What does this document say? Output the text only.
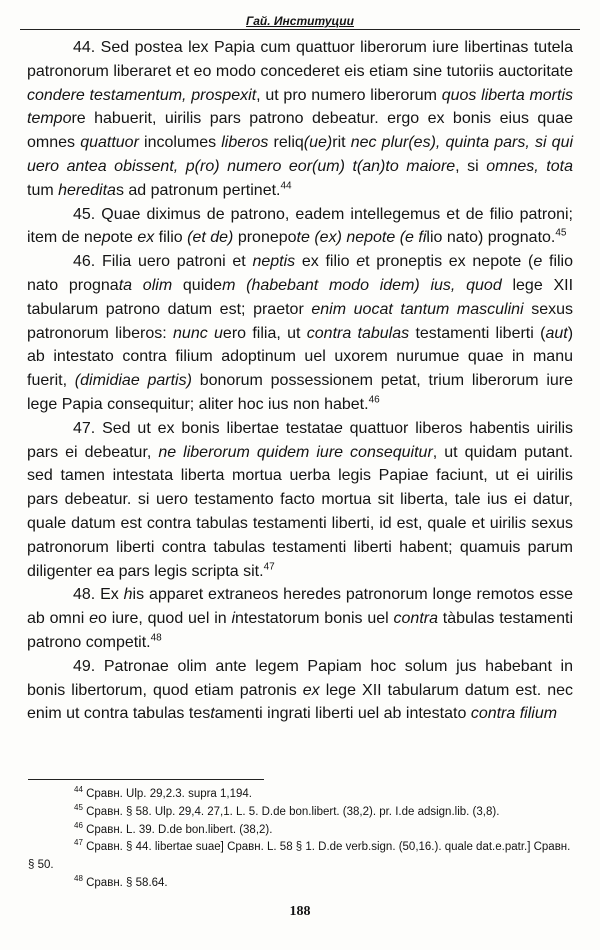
Гай. Институции

44. Sed postea lex Papia cum quattuor liberorum iure libertinas tutela patronorum liberaret et eo modo concederet eis etiam sine tutoriis auctoritate condere testamentum, prospexit, ut pro numero liberorum quos liberta mortis tempore habuerit, uirilis pars patrono debeatur. ergo ex bonis eius quae omnes quattuor incolumes liberos reliq(ue)rit nec plur(es), quinta pars, si qui uero antea obissent, p(ro) numero eor(um) t(an)to maiore, si omnes, tota tum hereditas ad patronum pertinet.$^{44}$

45. Quae diximus de patrono, eadem intellegemus et de filio patroni; item de nepote ex filio (et de) pronepote (ex) nepote (e filio nato) prognato.$^{45}$

46. Filia uero patroni et neptis ex filio et proneptis ex nepote (e filio nato prognata olim quidem (habebant modo idem) ius, quod lege XII tabularum patrono datum est; praetor enim uocat tantum masculini sexus patronorum liberos: nunc uero filia, ut contra tabulas testamenti liberti (aut) ab intestato contra filium adoptinum uel uxorem nurumue quae in manu fuerit, (dimidiae partis) bonorum possessionem petat, trium liberorum iure lege Papia consequitur; aliter hoc ius non habet.$^{46}$

47. Sed ut ex bonis libertae testatae quattuor liberos habentis uirilis pars ei debeatur, ne liberorum quidem iure consequitur, ut quidam putant. sed tamen intestata liberta mortua uerba legis Papiae faciunt, ut ei uirilis pars debeatur. si uero testamento facto mortua sit liberta, tale ius ei datur, quale datum est contra tabulas testamenti liberti, id est, quale et uirilis sexus patronorum liberti contra tabulas testamenti liberti habent; quamuis parum diligenter ea pars legis scripta sit.$^{47}$

48. Ex his apparet extraneos heredes patronorum longe remotos esse ab omni eo iure, quod uel in intestatorum bonis uel contra tàbulas testamenti patrono competit.$^{48}$

49. Patronae olim ante legem Papiam hoc solum jus habebant in bonis libertorum, quod etiam patronis ex lege XII tabularum datum est. nec enim ut contra tabulas testamenti ingrati liberti uel ab intestato contra filium

$^{44}$ Сравн. Ulp. 29,2.3. supra 1,194.

$^{45}$ Сравн. § 58. Ulp. 29,4. 27,1. L. 5. D.de bon.libert. (38,2). pr. I.de adsign.lib. (3,8).

$^{46}$ Сравн. L. 39. D.de bon.libert. (38,2).

$^{47}$ Сравн. § 44. libertae suae] Сравн. L. 58 § 1. D.de verb.sign. (50,16.). quale dat.e.patr.] Сравн. § 50.

$^{48}$ Сравн. § 58.64.

188
